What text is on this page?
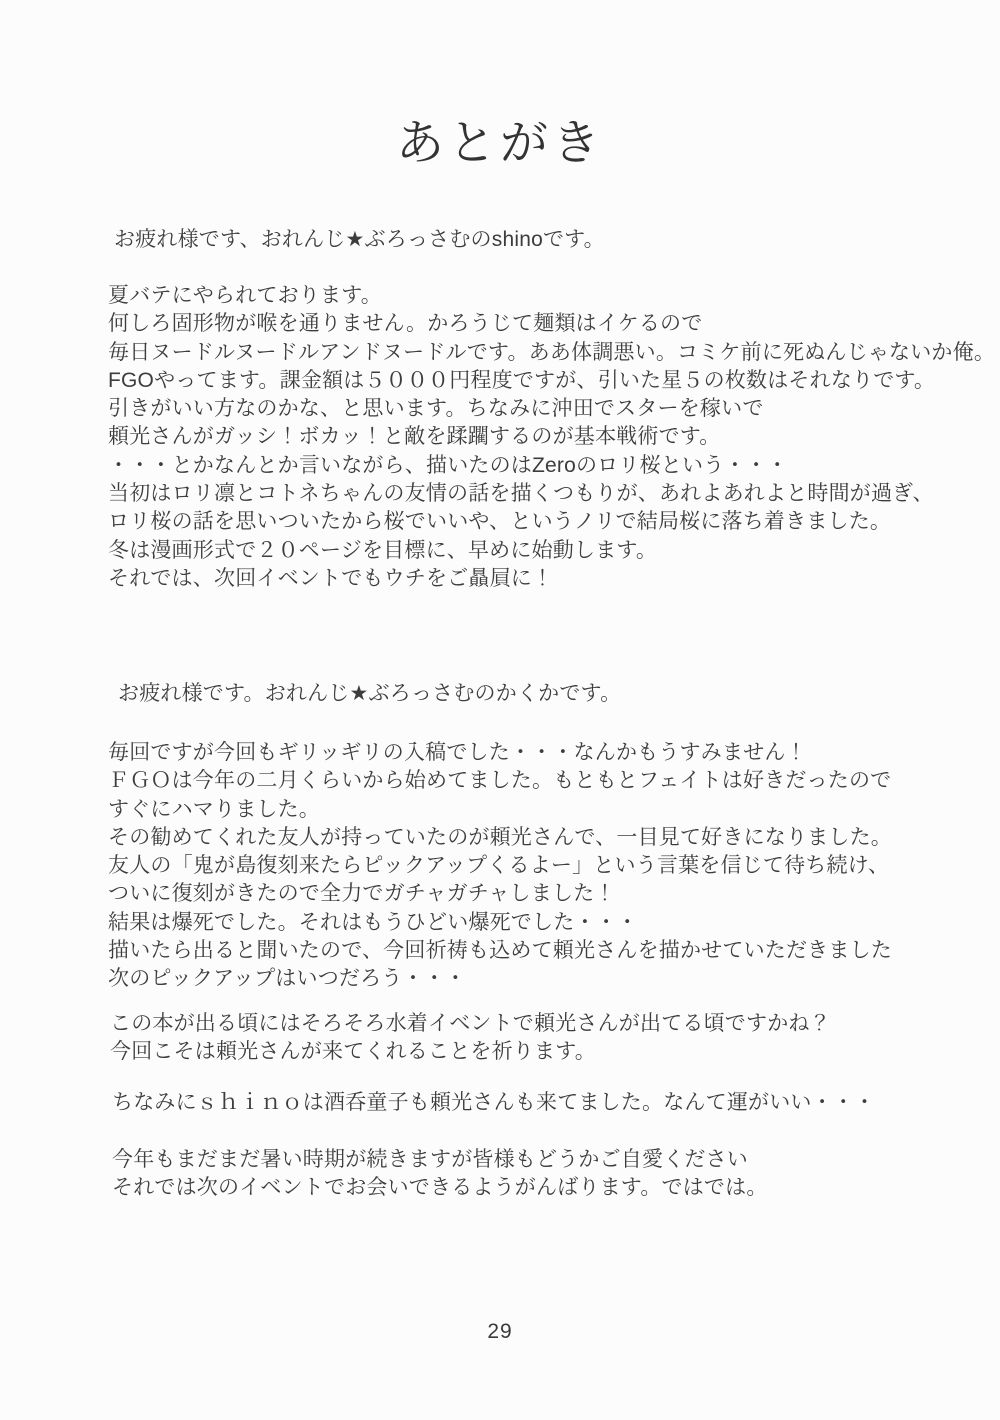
あとがき
お疲れ様です、おれんじ★ぶろっさむのshinoです。
夏バテにやられております。
何しろ固形物が喉を通りません。かろうじて麺類はイケるので
毎日ヌードルヌードルアンドヌードルです。ああ体調悪い。コミケ前に死ぬんじゃないか俺。
FGOやってます。課金額は５０００円程度ですが、引いた星５の枚数はそれなりです。
引きがいい方なのかな、と思います。ちなみに沖田でスターを稼いで
頼光さんがガッシ！ボカッ！と敵を蹂躙するのが基本戦術です。
・・・とかなんとか言いながら、描いたのはZeroのロリ桜という・・・
当初はロリ凛とコトネちゃんの友情の話を描くつもりが、あれよあれよと時間が過ぎ、
ロリ桜の話を思いついたから桜でいいや、というノリで結局桜に落ち着きました。
冬は漫画形式で２０ページを目標に、早めに始動します。
それでは、次回イベントでもウチをご贔屓に！
お疲れ様です。おれんじ★ぶろっさむのかくかです。
毎回ですが今回もギリッギリの入稿でした・・・なんかもうすみません！
ＦＧＯは今年の二月くらいから始めてました。もともとフェイトは好きだったので
すぐにハマりました。
その勧めてくれた友人が持っていたのが頼光さんで、一目見て好きになりました。
友人の「鬼が島復刻来たらピックアップくるよー」という言葉を信じて待ち続け、
ついに復刻がきたので全力でガチャガチャしました！
結果は爆死でした。それはもうひどい爆死でした・・・
描いたら出ると聞いたので、今回祈祷も込めて頼光さんを描かせていただきました
次のピックアップはいつだろう・・・
この本が出る頃にはそろそろ水着イベントで頼光さんが出てる頃ですかね？
今回こそは頼光さんが来てくれることを祈ります。
ちなみにｓｈｉｎｏは酒呑童子も頼光さんも来てました。なんて運がいい・・・
今年もまだまだ暑い時期が続きますが皆様もどうかご自愛ください
それでは次のイベントでお会いできるようがんばります。ではでは。
29
